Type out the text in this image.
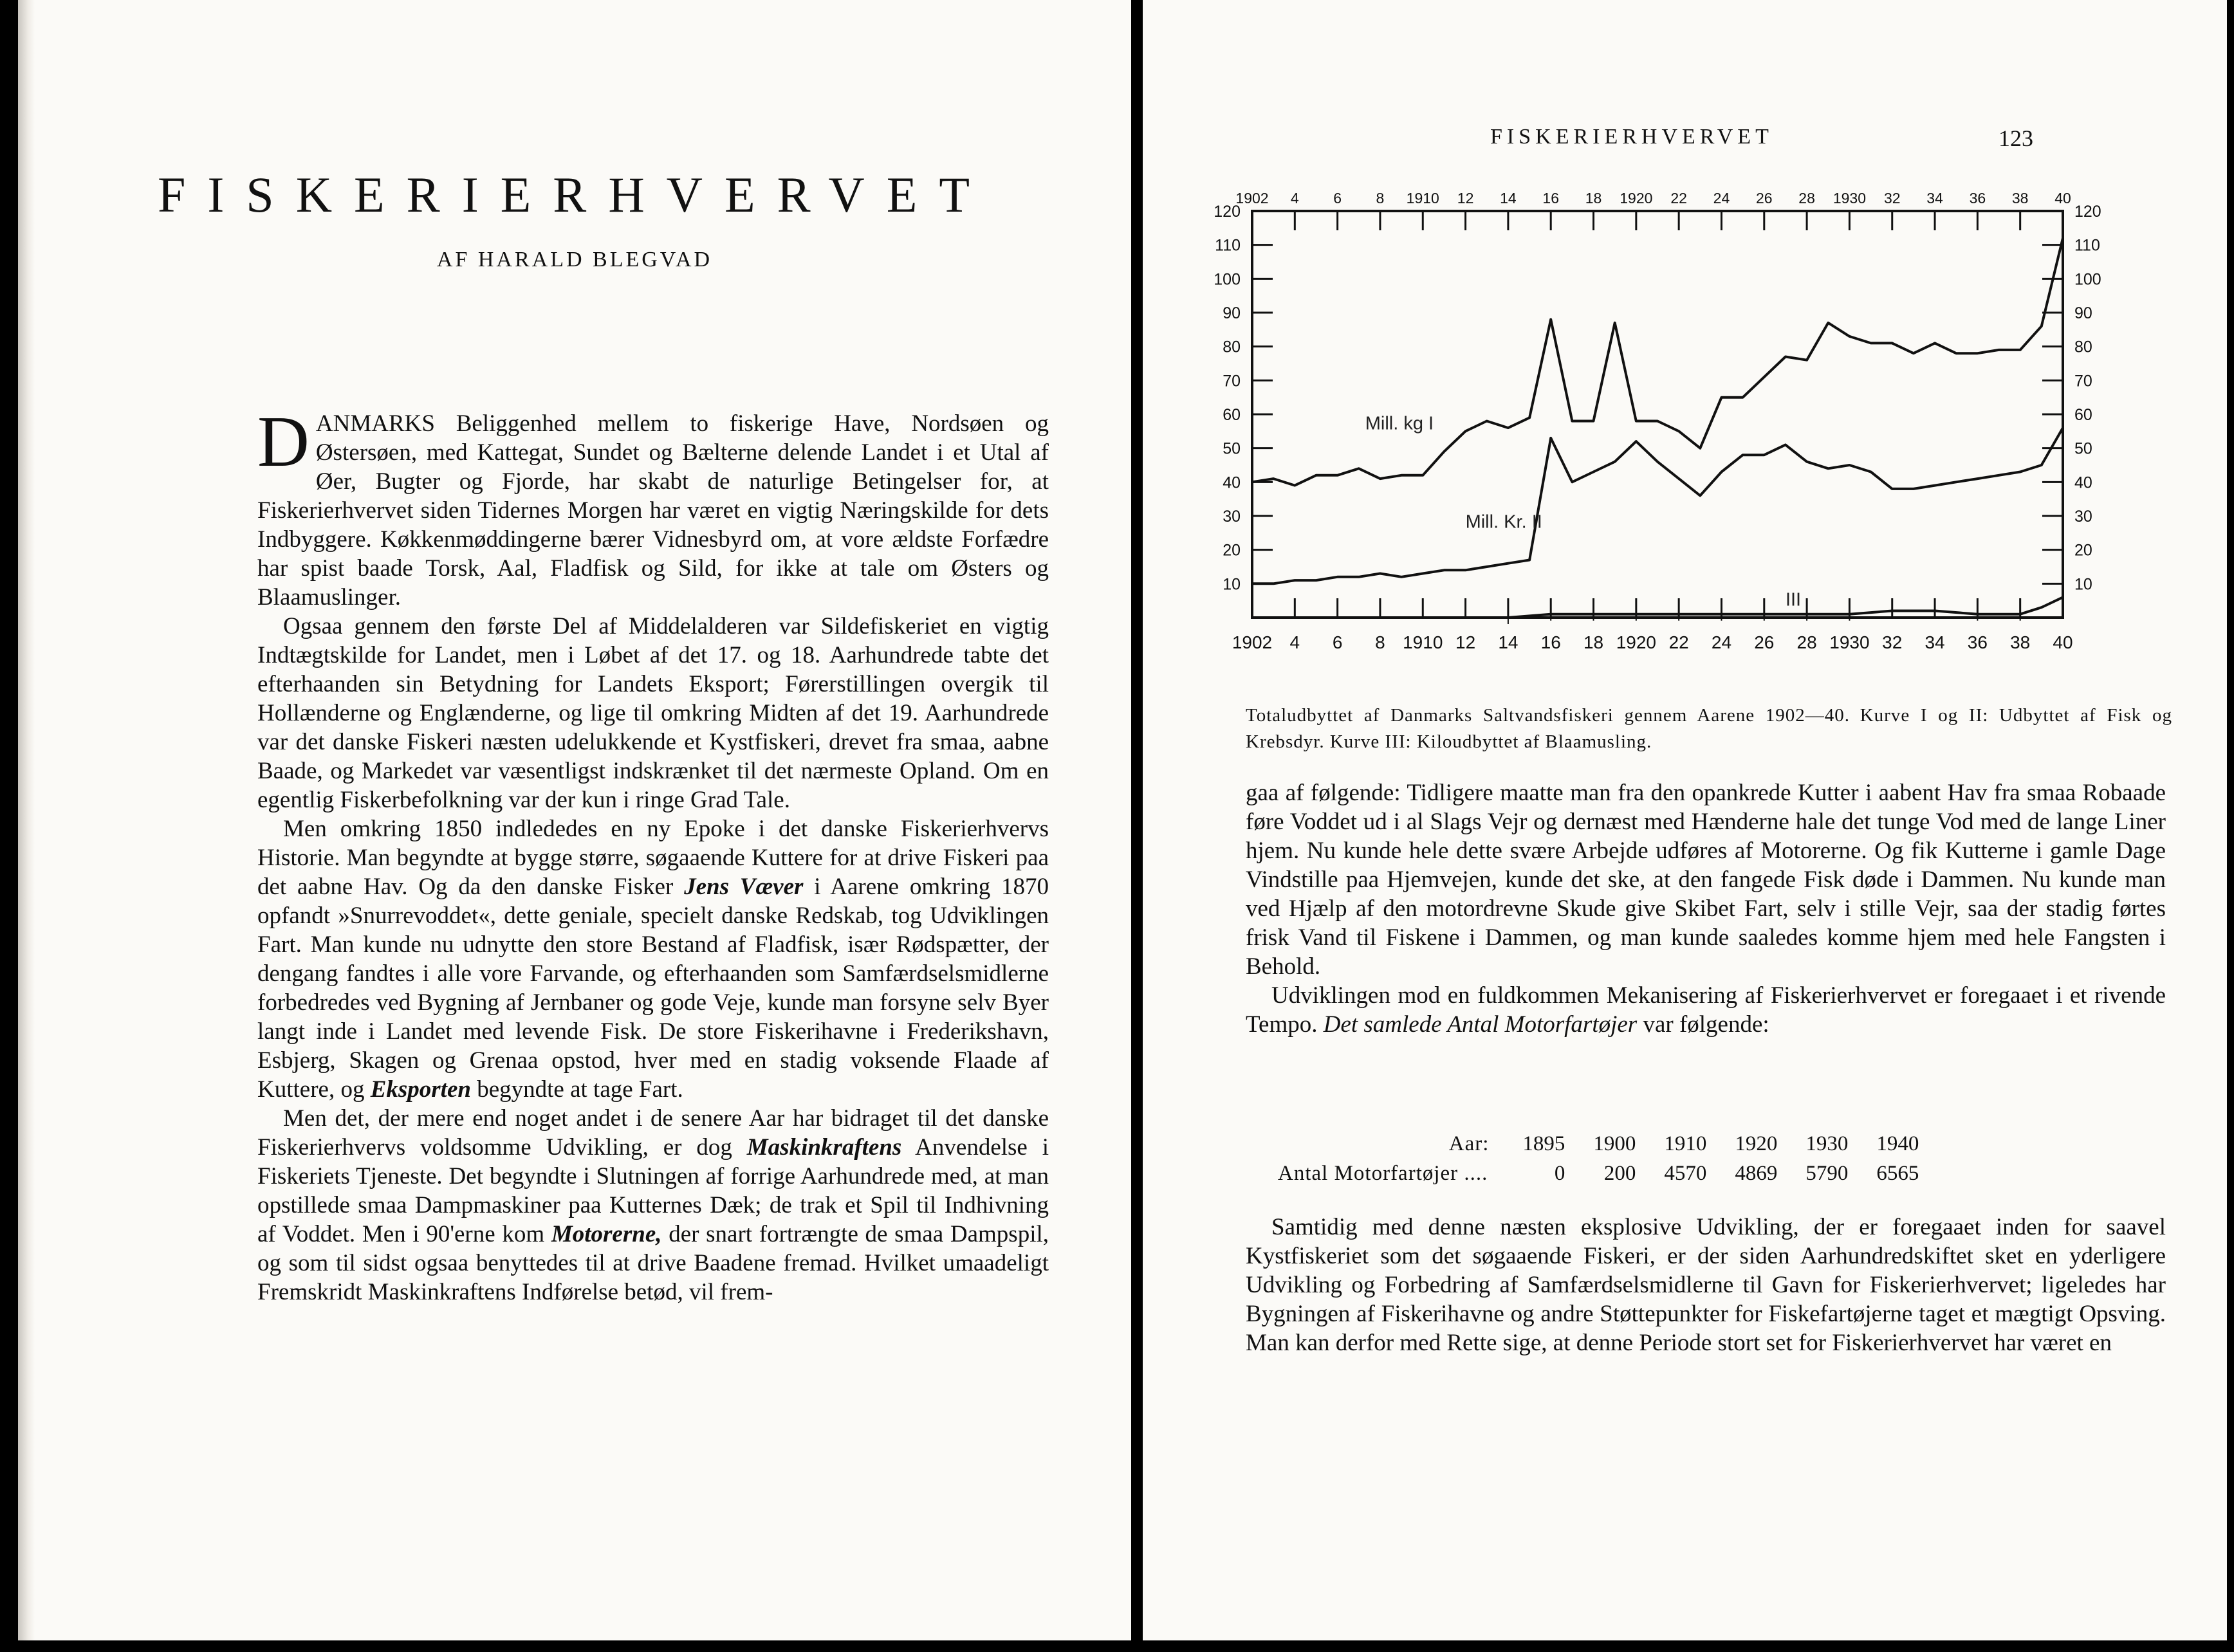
FISKERIERHVERVET
AF HARALD BLEGVAD

DANMARKS Beliggenhed mellem to fiskerige Have, Nordsøen og Østersøen, med Kattegat, Sundet og Bælterne delende Landet i et Utal af Øer, Bugter og Fjorde, har skabt de naturlige Betingelser for, at Fiskerierhvervet siden Tidernes Morgen har været en vigtig Næringskilde for dets Indbyggere. Køkkenmøddingerne bærer Vidnesbyrd om, at vore ældste Forfædre har spist baade Torsk, Aal, Fladfisk og Sild, for ikke at tale om Østers og Blaamuslinger.

Ogsaa gennem den første Del af Middelalderen var Sildefiskeriet en vigtig Indtægtskilde for Landet, men i Løbet af det 17. og 18. Aarhundrede tabte det efterhaanden sin Betydning for Landets Eksport; Førerstillingen overgik til Hollænderne og Englænderne, og lige til omkring Midten af det 19. Aarhundrede var det danske Fiskeri næsten udelukkende et Kystfiskeri, drevet fra smaa, aabne Baade, og Markedet var væsentligst indskrænket til det nærmeste Opland. Om en egentlig Fiskerbefolkning var der kun i ringe Grad Tale.

Men omkring 1850 indlededes en ny Epoke i det danske Fiskerierhvervs Historie. Man begyndte at bygge større, søgaaende Kuttere for at drive Fiskeri paa det aabne Hav. Og da den danske Fisker Jens Væver i Aarene omkring 1870 opfandt »Snurrevoddet«, dette geniale, specielt danske Redskab, tog Udviklingen Fart. Man kunde nu udnytte den store Bestand af Fladfisk, især Rødspætter, der dengang fandtes i alle vore Farvande, og efterhaanden som Samfærdselsmidlerne forbedredes ved Bygning af Jernbaner og gode Veje, kunde man forsyne selv Byer langt inde i Landet med levende Fisk. De store Fiskerihavne i Frederikshavn, Esbjerg, Skagen og Grenaa opstod, hver med en stadig voksende Flaade af Kuttere, og Eksporten begyndte at tage Fart.

Men det, der mere end noget andet i de senere Aar har bidraget til det danske Fiskerierhvervs voldsomme Udvikling, er dog Maskinkraftens Anvendelse i Fiskeriets Tjeneste. Det begyndte i Slutningen af forrige Aarhundrede med, at man opstillede smaa Dampmaskiner paa Kutternes Dæk; de trak et Spil til Indhivning af Voddet. Men i 90'erne kom Motorerne, der snart fortrængte de smaa Dampspil, og som til sidst ogsaa benyttedes til at drive Baadene fremad. Hvilket umaadeligt Fremskridt Maskinkraftens Indførelse betød, vil frem-

FISKERIERHVERVET	123
1902
1902
4
4
6
6
8
8
1910
1910
12
12
14
14
16
16
18
18
1920
1920
22
22
24
24
26
26
28
28
1930
1930
32
32
34
34
36
36
38
38
40
40
10	10
20	20
30	30
40	40
50	50
60	60
70	70
80	80
90	90
100	100
110	110
120	120
Mill. kg I
Mill. Kr. II
III
Totaludbyttet af Danmarks Saltvandsfiskeri gennem Aarene 1902—40. Kurve I og II: Udbyttet af Fisk og Krebsdyr. Kurve III: Kiloudbyttet af Blaamusling.

gaa af følgende: Tidligere maatte man fra den opankrede Kutter i aabent Hav fra smaa Robaade føre Voddet ud i al Slags Vejr og dernæst med Hænderne hale det tunge Vod med de lange Liner hjem. Nu kunde hele dette svære Arbejde udføres af Motorerne. Og fik Kutterne i gamle Dage Vindstille paa Hjemvejen, kunde det ske, at den fangede Fisk døde i Dammen. Nu kunde man ved Hjælp af den motordrevne Skude give Skibet Fart, selv i stille Vejr, saa der stadig førtes frisk Vand til Fiskene i Dammen, og man kunde saaledes komme hjem med hele Fangsten i Behold.

Udviklingen mod en fuldkommen Mekanisering af Fiskerierhvervet er foregaaet i et rivende Tempo. Det samlede Antal Motorfartøjer var følgende:

Aar:	1895	1900	1910	1920	1930	1940
Antal Motorfartøjer ....	0	200	4570	4869	5790	6565

Samtidig med denne næsten eksplosive Udvikling, der er foregaaet inden for saavel Kystfiskeriet som det søgaaende Fiskeri, er der siden Aarhundredskiftet sket en yderligere Udvikling og Forbedring af Samfærdselsmidlerne til Gavn for Fiskerierhvervet; ligeledes har Bygningen af Fiskerihavne og andre Støttepunkter for Fiskefartøjerne taget et mægtigt Opsving. Man kan derfor med Rette sige, at denne Periode stort set for Fiskerierhvervet har været en
